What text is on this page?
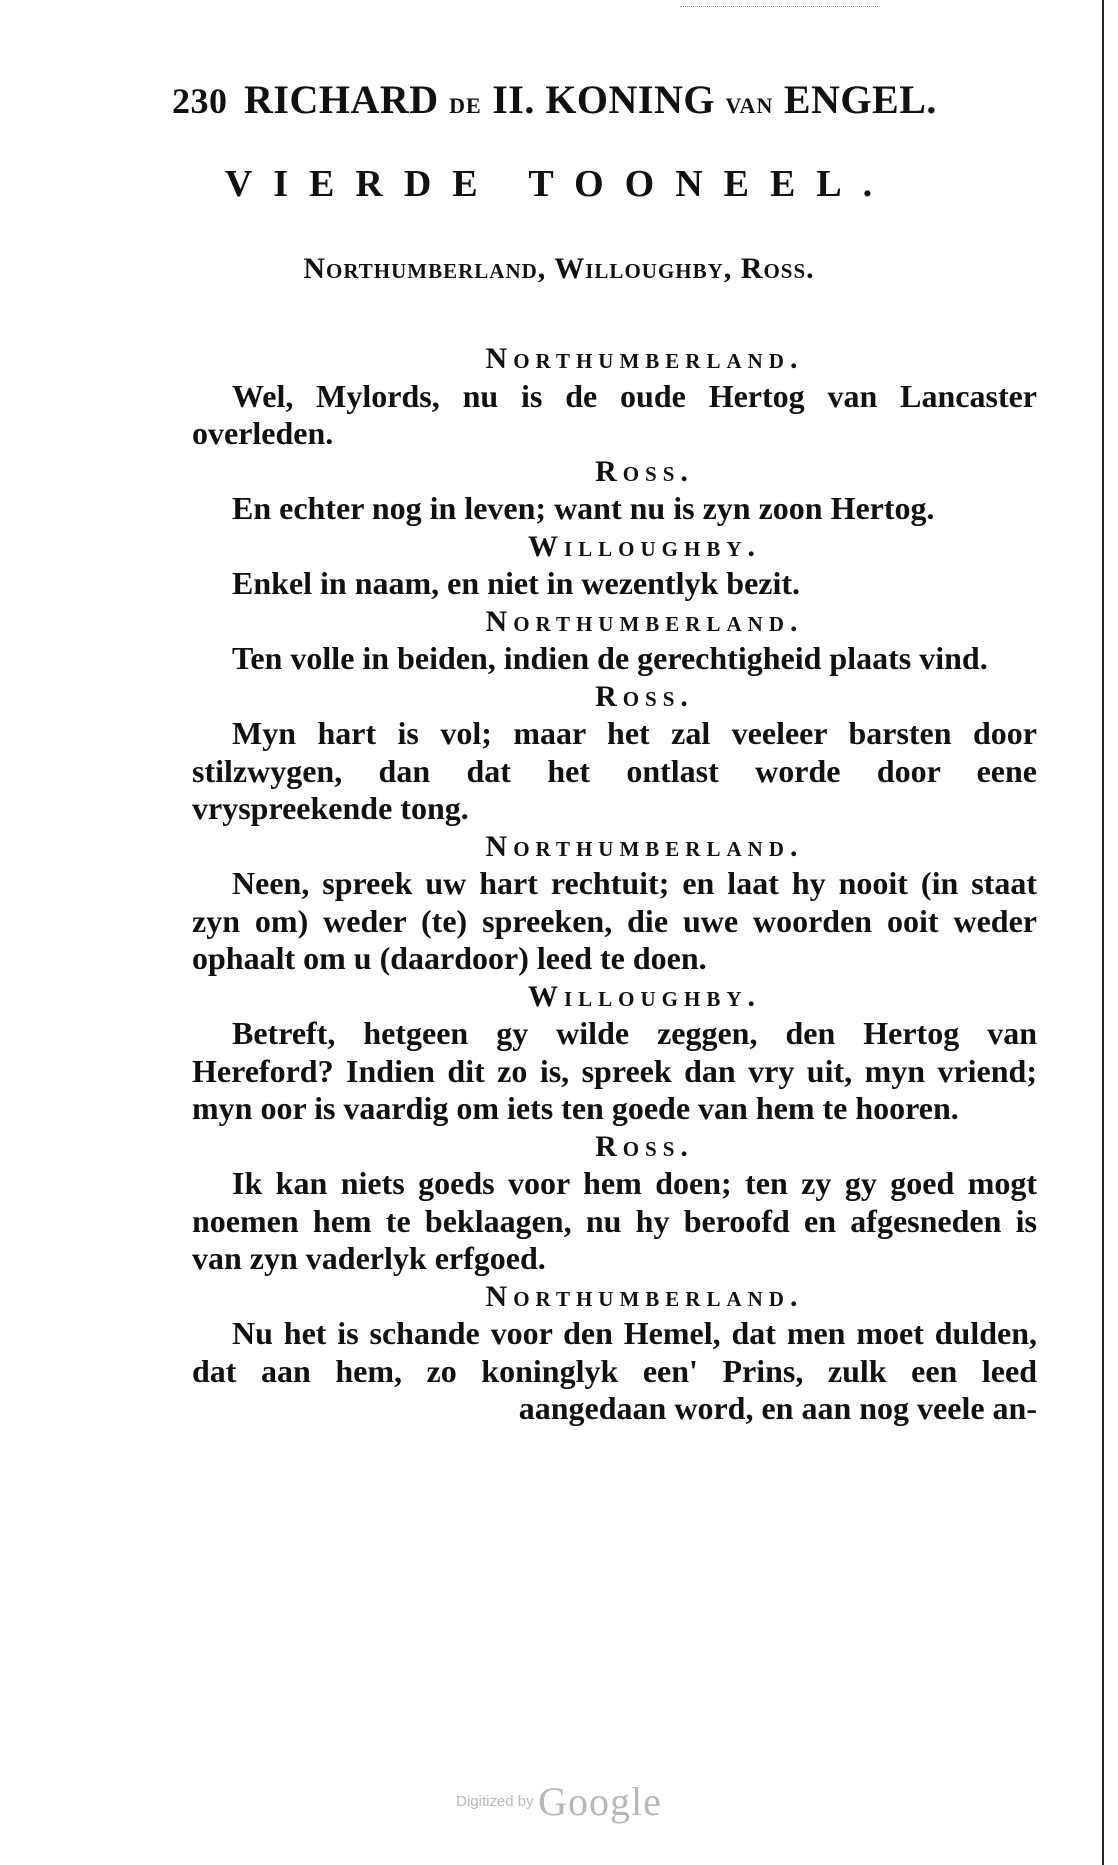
230 RICHARD DE II. KONING VAN ENGEL.
VIERDE TOONEEL.
Northumberland, Willoughby, Ross.
Northumberland.
Wel, Mylords, nu is de oude Hertog van Lancaster overleden.
Ross.
En echter nog in leven; want nu is zyn zoon Hertog.
Willoughby.
Enkel in naam, en niet in wezentlyk bezit.
Northumberland.
Ten volle in beiden, indien de gerechtigheid plaats vind.
Ross.
Myn hart is vol; maar het zal veeleer barsten door stilzwygen, dan dat het ontlast worde door eene vryspreekende tong.
Northumberland.
Neen, spreek uw hart rechtuit; en laat hy nooit (in staat zyn om) weder (te) spreeken, die uwe woorden ooit weder ophaalt om u (daardoor) leed te doen.
Willoughby.
Betreft, hetgeen gy wilde zeggen, den Hertog van Hereford? Indien dit zo is, spreek dan vry uit, myn vriend; myn oor is vaardig om iets ten goede van hem te hooren.
Ross.
Ik kan niets goeds voor hem doen; ten zy gy goed mogt noemen hem te beklaagen, nu hy beroofd en afgesneden is van zyn vaderlyk erfgoed.
Northumberland.
Nu het is schande voor den Hemel, dat men moet dulden, dat aan hem, zo koninglyk een' Prins, zulk een leed aangedaan word, en aan nog veele an-
Digitized by Google
